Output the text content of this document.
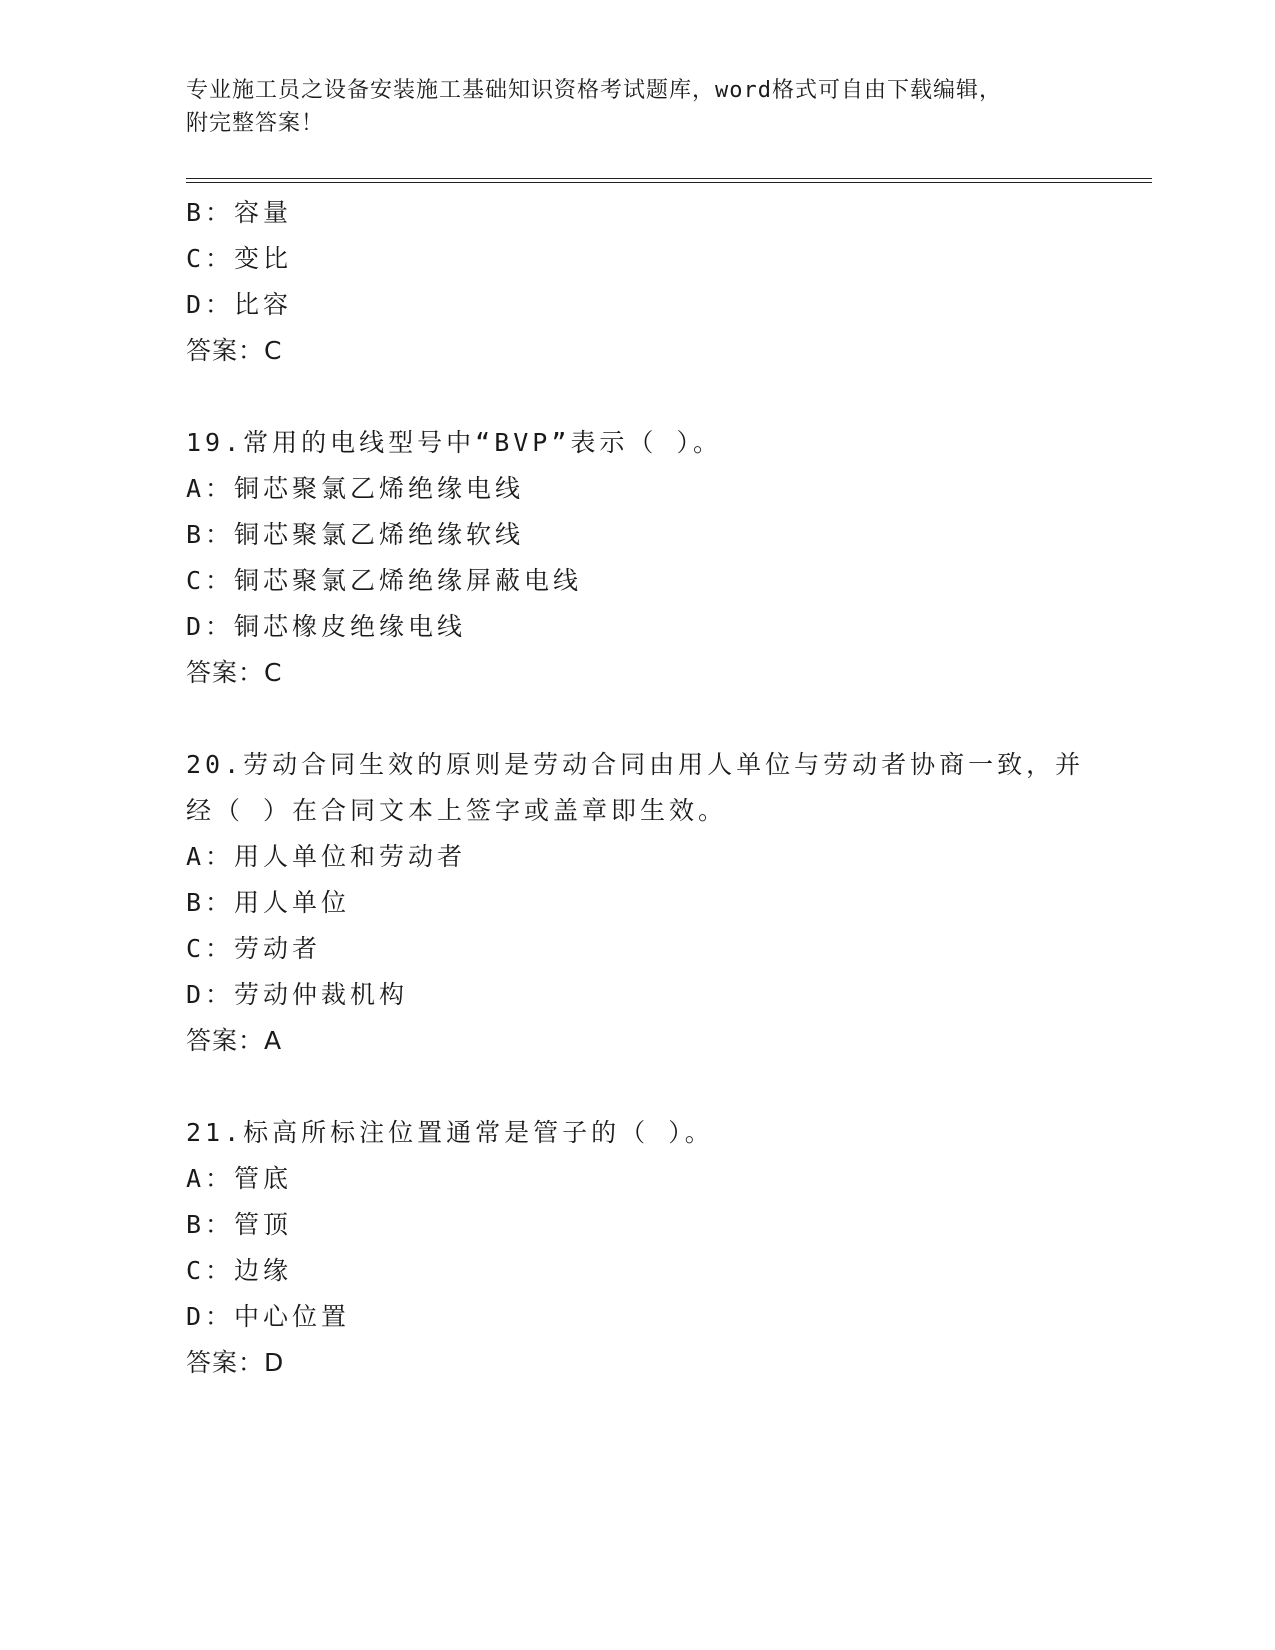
专业施工员之设备安装施工基础知识资格考试题库，word格式可自由下载编辑，
附完整答案！
B：容量
C：变比
D：比容
答案：C
19.常用的电线型号中“BVP”表示（ ）。
A：铜芯聚氯乙烯绝缘电线
B：铜芯聚氯乙烯绝缘软线
C：铜芯聚氯乙烯绝缘屏蔽电线
D：铜芯橡皮绝缘电线
答案：C
20.劳动合同生效的原则是劳动合同由用人单位与劳动者协商一致，并
经（ ）在合同文本上签字或盖章即生效。
A：用人单位和劳动者
B：用人单位
C：劳动者
D：劳动仲裁机构
答案：A
21.标高所标注位置通常是管子的（ ）。
A：管底
B：管顶
C：边缘
D：中心位置
答案：D
